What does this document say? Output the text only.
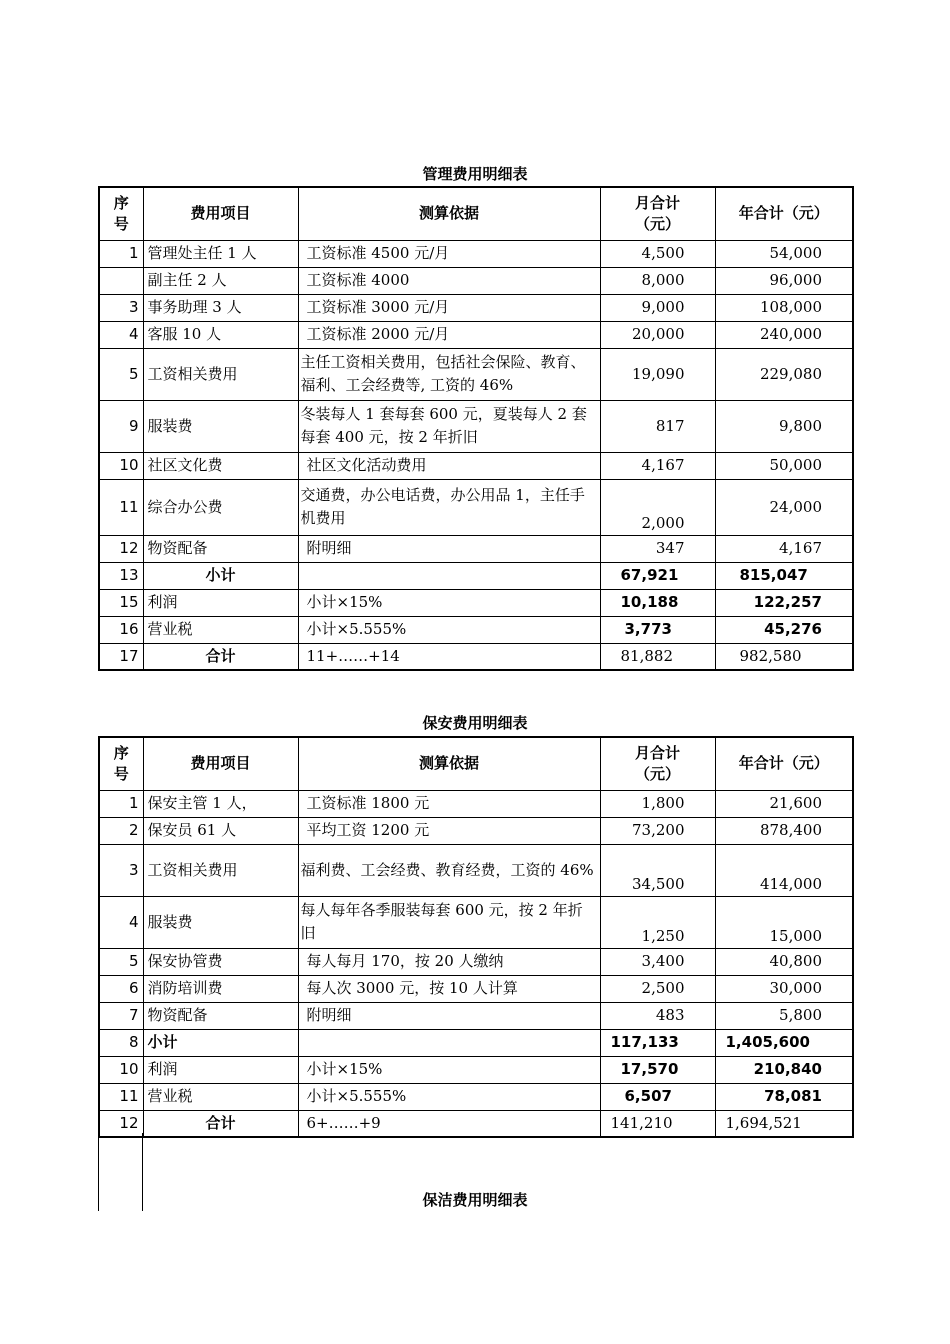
管理费用明细表
序号	费用项目	测算依据	月合计（元）	年合计（元）
1	管理处主任 1 人	工资标准 4500 元/月	4,500	54,000
	副主任 2 人	工资标准 4000	8,000	96,000
3	事务助理 3 人	工资标准 3000 元/月	9,000	108,000
4	客服 10 人	工资标准 2000 元/月	20,000	240,000
5	工资相关费用	主任工资相关费用，包括社会保险、教育、福利、工会经费等, 工资的 46%	19,090	229,080
9	服装费	冬装每人 1 套每套 600 元，夏装每人 2 套每套 400 元，按 2 年折旧	817	9,800
10	社区文化费	社区文化活动费用	4,167	50,000
11	综合办公费	交通费，办公电话费，办公用品 1，主任手机费用	2,000	24,000
12	物资配备	附明细	347	4,167
13	小计		67,921	815,047
15	利润	小计×15%	10,188	122,257
16	营业税	小计×5.555%	3,773	45,276
17	合计	11+……+14	81,882	982,580
保安费用明细表
序号	费用项目	测算依据	月合计（元）	年合计（元）
1	保安主管 1 人，	工资标准 1800 元	1,800	21,600
2	保安员 61 人	平均工资 1200 元	73,200	878,400
3	工资相关费用	福利费、工会经费、教育经费，工资的 46%	34,500	414,000
4	服装费	每人每年各季服装每套 600 元，按 2 年折旧	1,250	15,000
5	保安协管费	每人每月 170，按 20 人缴纳	3,400	40,800
6	消防培训费	每人次 3000 元，按 10 人计算	2,500	30,000
7	物资配备	附明细	483	5,800
8	小计		117,133	1,405,600
10	利润	小计×15%	17,570	210,840
11	营业税	小计×5.555%	6,507	78,081
12	合计	6+……+9	141,210	1,694,521
保洁费用明细表
